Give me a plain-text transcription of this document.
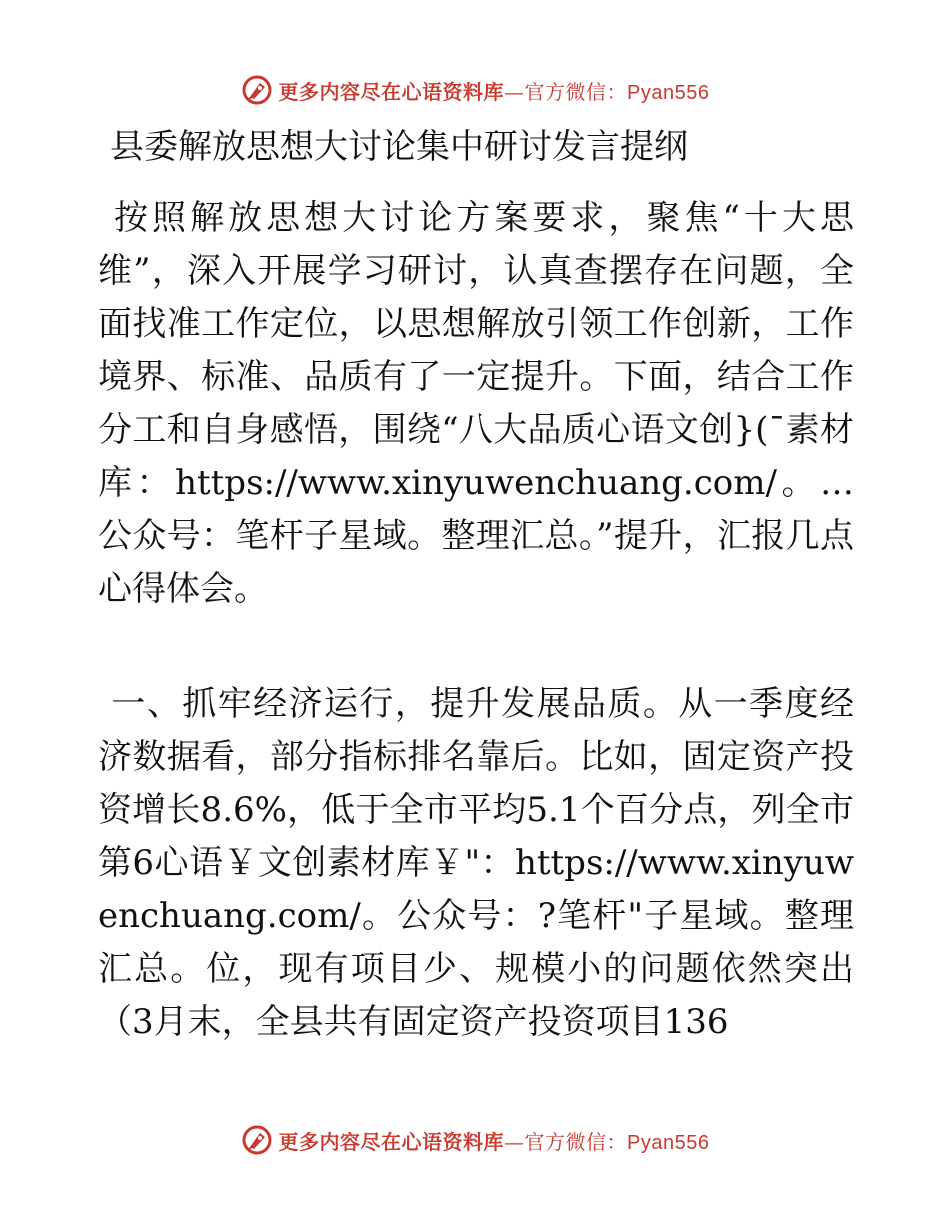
更多内容尽在心语资料库—官方微信：Pyan556
县委解放思想大讨论集中研讨发言提纲

按照解放思想大讨论方案要求，聚焦“十大思维”，深入开展学习研讨，认真查摆存在问题，全面找准工作定位，以思想解放引领工作创新，工作境界、标准、品质有了一定提升。下面，结合工作分工和自身感悟，围绕“八大品质心语文创}(¯素材库：https://www.xinyuwenchuang.com/。…公众号：笔杆子星域。整理汇总。”提升，汇报几点心得体会。

一、抓牢经济运行，提升发展品质。从一季度经济数据看，部分指标排名靠后。比如，固定资产投资增长8.6%，低于全市平均5.1个百分点，列全市第6心语￥文创素材库￥"：https://www.xinyuwenchuang.com/。公众号：?笔杆"子星域。整理汇总。位，现有项目少、规模小的问题依然突出（3月末，全县共有固定资产投资项目136

更多内容尽在心语资料库—官方微信：Pyan556
